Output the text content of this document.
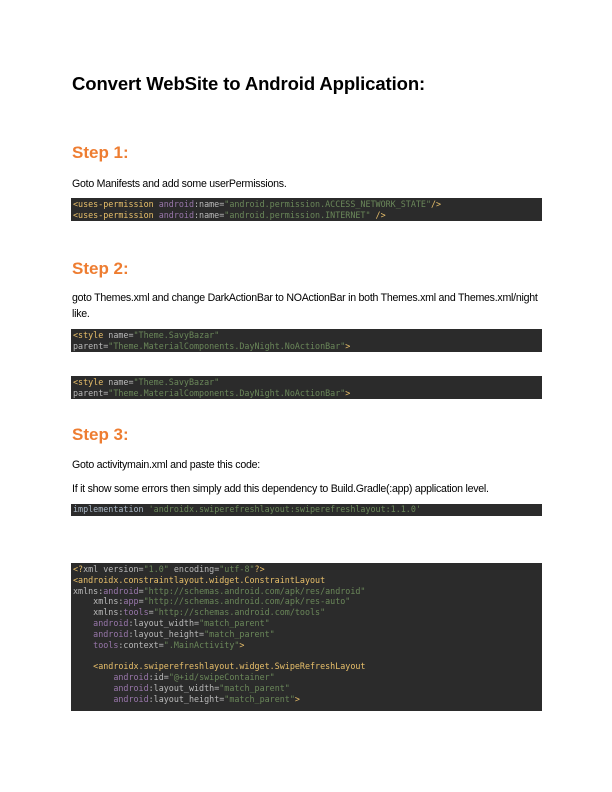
Convert WebSite to Android Application:
Step 1:
Goto Manifests and add some userPermissions.
<uses-permission android:name="android.permission.ACCESS_NETWORK_STATE"/>
<uses-permission android:name="android.permission.INTERNET" />
Step 2:
goto Themes.xml and change DarkActionBar to NOActionBar in both Themes.xml and Themes.xml/night like.
<style name="Theme.SavyBazar"
parent="Theme.MaterialComponents.DayNight.NoActionBar">
<style name="Theme.SavyBazar"
parent="Theme.MaterialComponents.DayNight.NoActionBar">
Step 3:
Goto activitymain.xml and paste this code:
If it show some errors then simply add this dependency to Build.Gradle(:app) application level.
implementation 'androidx.swiperefreshlayout:swiperefreshlayout:1.1.0'
<?xml version="1.0" encoding="utf-8"?>
<androidx.constraintlayout.widget.ConstraintLayout
xmlns:android="http://schemas.android.com/apk/res/android"
xmlns:app="http://schemas.android.com/apk/res-auto"
xmlns:tools="http://schemas.android.com/tools"
android:layout_width="match_parent"
android:layout_height="match_parent"
tools:context=".MainActivity">
<androidx.swiperefreshlayout.widget.SwipeRefreshLayout
android:id="@+id/swipeContainer"
android:layout_width="match_parent"
android:layout_height="match_parent">
